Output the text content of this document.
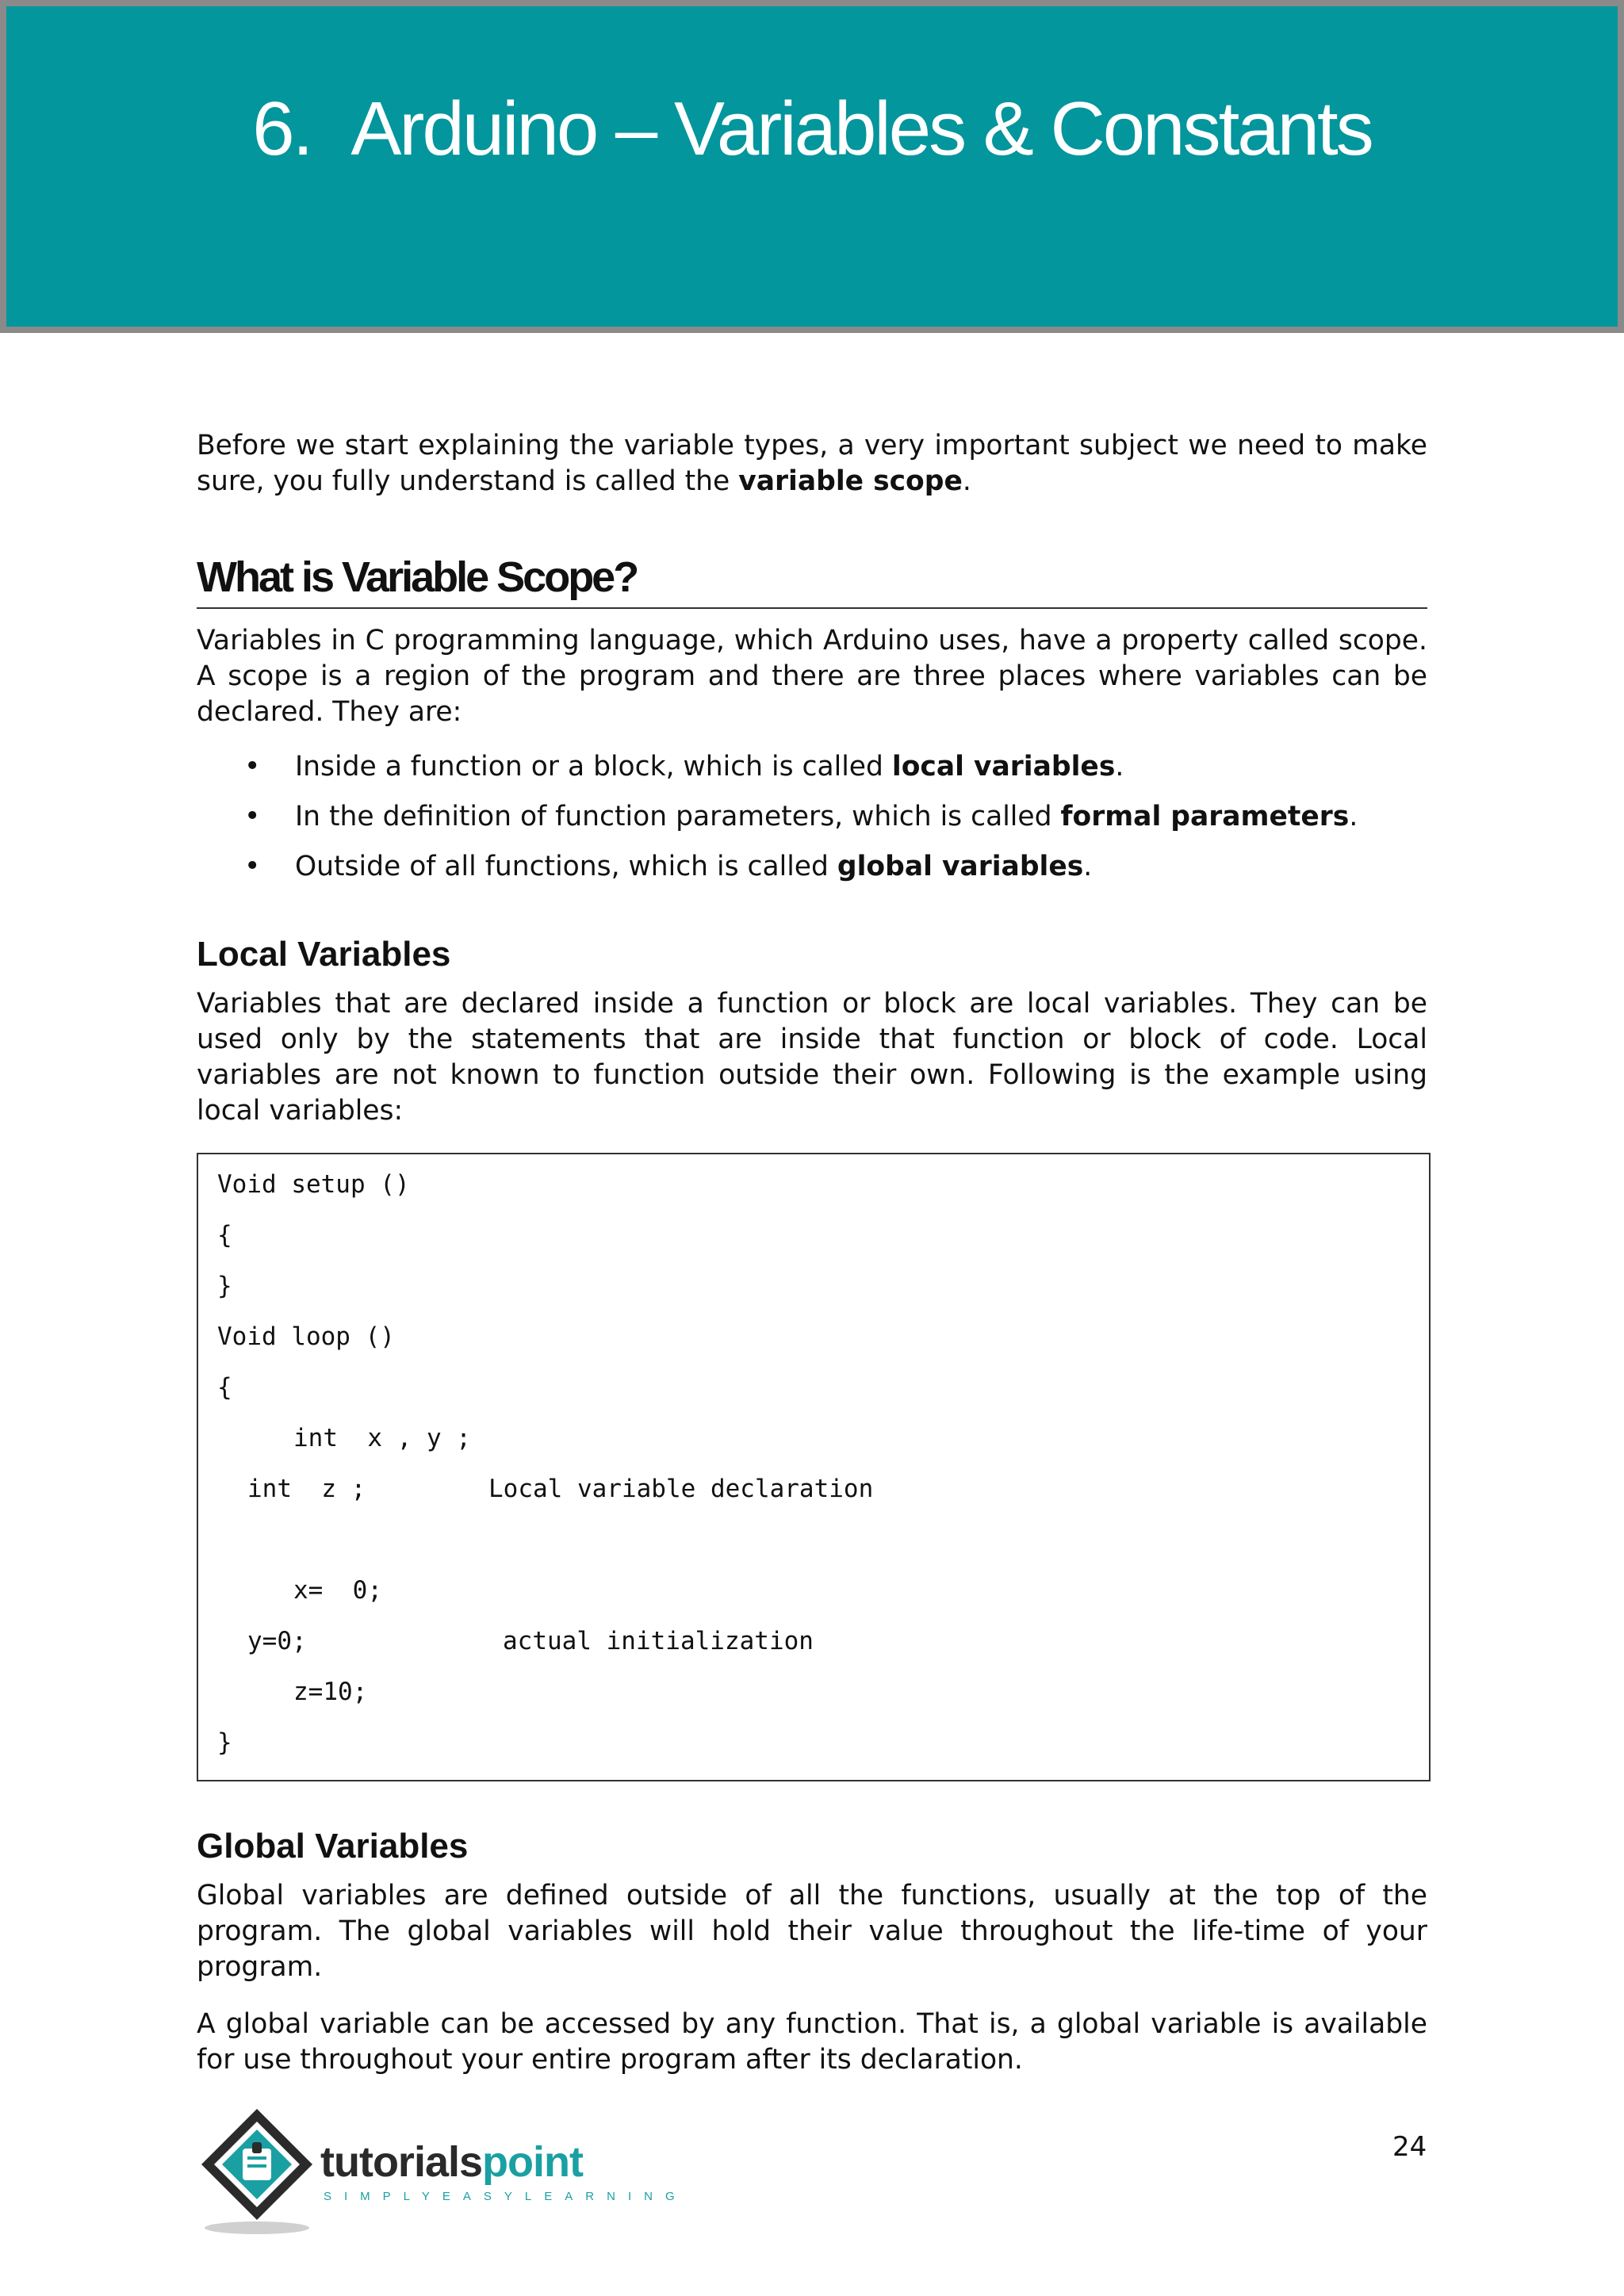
6. Arduino – Variables & Constants

Before we start explaining the variable types, a very important subject we need to make sure, you fully understand is called the variable scope.

What is Variable Scope?

Variables in C programming language, which Arduino uses, have a property called scope. A scope is a region of the program and there are three places where variables can be declared. They are:

• Inside a function or a block, which is called local variables.
• In the definition of function parameters, which is called formal parameters.
• Outside of all functions, which is called global variables.
Local Variables

Variables that are declared inside a function or block are local variables. They can be used only by the statements that are inside that function or block of code. Local variables are not known to function outside their own. Following is the example using local variables:

Void setup ()
{
}
Void loop ()
{
int  x , y ;
int  z ;	Local variable declaration
x=  0;
y=0;	actual initialization
z=10;
}
Global Variables

Global variables are defined outside of all the functions, usually at the top of the program. The global variables will hold their value throughout the life-time of your program.

A global variable can be accessed by any function. That is, a global variable is available for use throughout your entire program after its declaration.

tutorialspoint
SIMPLYEASYLEARNING
24
